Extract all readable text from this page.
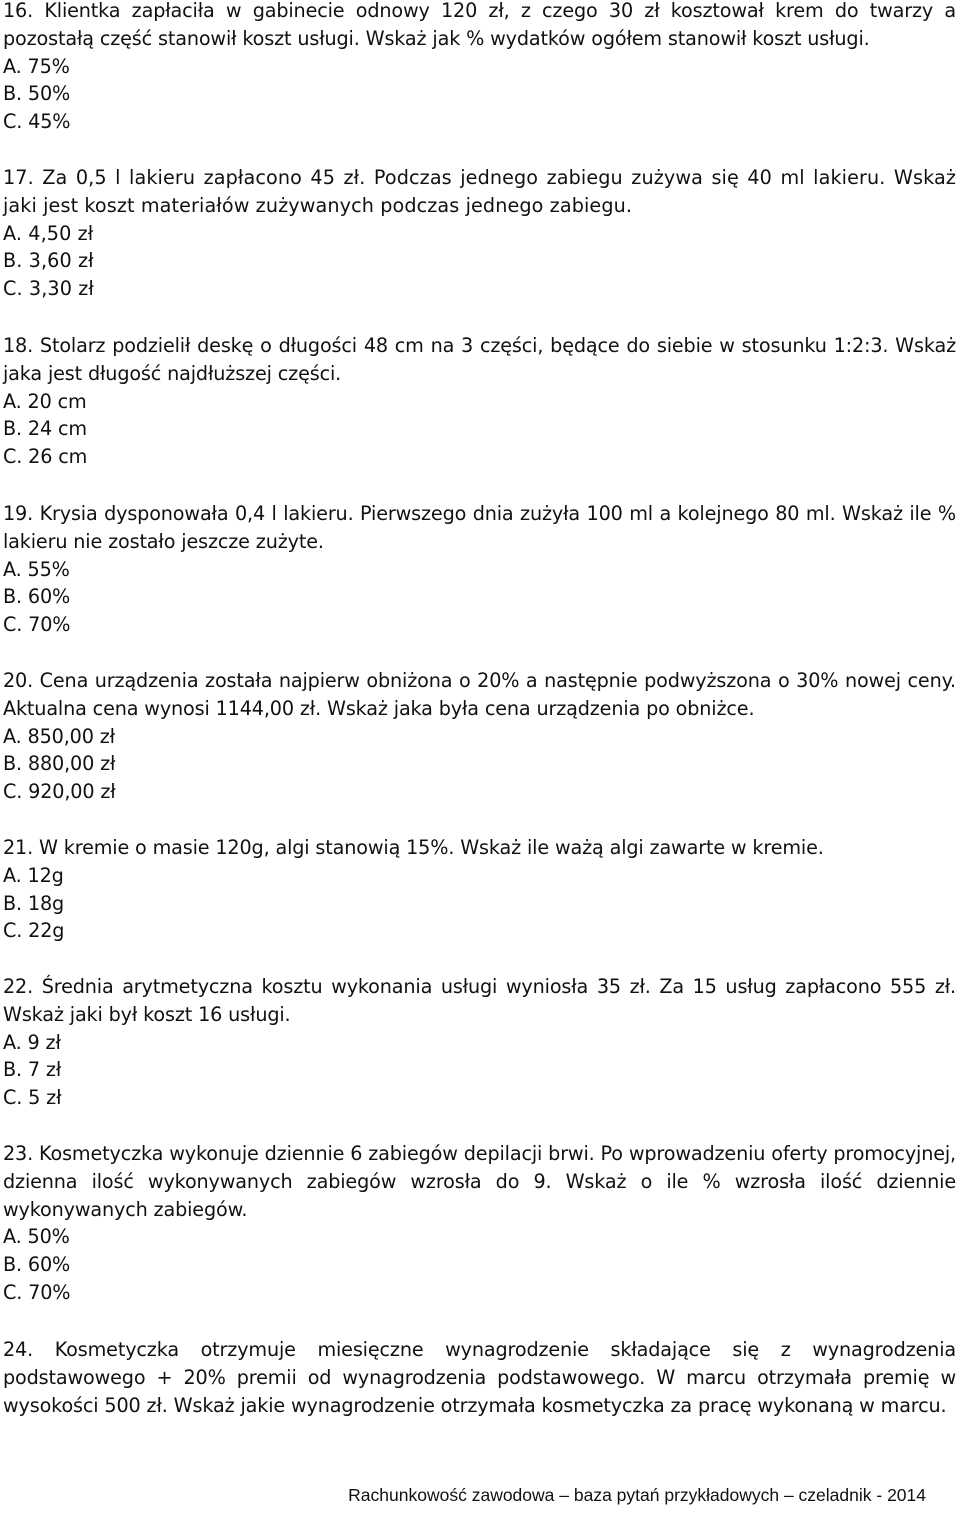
16. Klientka zapłaciła w gabinecie odnowy 120 zł, z czego 30 zł kosztował krem do twarzy a pozostałą część stanowił koszt usługi. Wskaż jak % wydatków ogółem stanowił koszt usługi.

A. 75%
B. 50%
C. 45%

17. Za 0,5 l lakieru zapłacono 45 zł. Podczas jednego zabiegu zużywa się 40 ml lakieru. Wskaż jaki jest koszt materiałów zużywanych podczas jednego zabiegu.

A. 4,50 zł
B. 3,60 zł
C. 3,30 zł

18. Stolarz podzielił deskę o długości 48 cm na 3 części, będące do siebie w stosunku 1:2:3. Wskaż jaka jest długość najdłuższej części.

A. 20 cm
B. 24 cm
C. 26 cm

19. Krysia dysponowała 0,4 l lakieru. Pierwszego dnia zużyła 100 ml a kolejnego 80 ml. Wskaż ile % lakieru nie zostało jeszcze zużyte.

A. 55%
B. 60%
C. 70%

20. Cena urządzenia została najpierw obniżona o 20% a następnie podwyższona o 30% nowej ceny. Aktualna cena wynosi 1144,00 zł. Wskaż jaka była cena urządzenia po obniżce.

A. 850,00 zł
B. 880,00 zł
C. 920,00 zł

21. W kremie o masie 120g, algi stanowią 15%. Wskaż ile ważą algi zawarte w kremie.

A. 12g
B. 18g
C. 22g

22. Średnia arytmetyczna kosztu wykonania usługi wyniosła 35 zł. Za 15 usług zapłacono 555 zł. Wskaż jaki był koszt 16 usługi.

A. 9 zł
B. 7 zł
C. 5 zł

23. Kosmetyczka wykonuje dziennie 6 zabiegów depilacji brwi. Po wprowadzeniu oferty promocyjnej, dzienna ilość wykonywanych zabiegów wzrosła do 9. Wskaż o ile % wzrosła ilość dziennie wykonywanych zabiegów.

A. 50%
B. 60%
C. 70%

24. Kosmetyczka otrzymuje miesięczne wynagrodzenie składające się z wynagrodzenia podstawowego + 20% premii od wynagrodzenia podstawowego. W marcu otrzymała premię w wysokości 500 zł. Wskaż jakie wynagrodzenie otrzymała kosmetyczka za pracę wykonaną w marcu.

Rachunkowość zawodowa – baza pytań przykładowych – czeladnik - 2014
